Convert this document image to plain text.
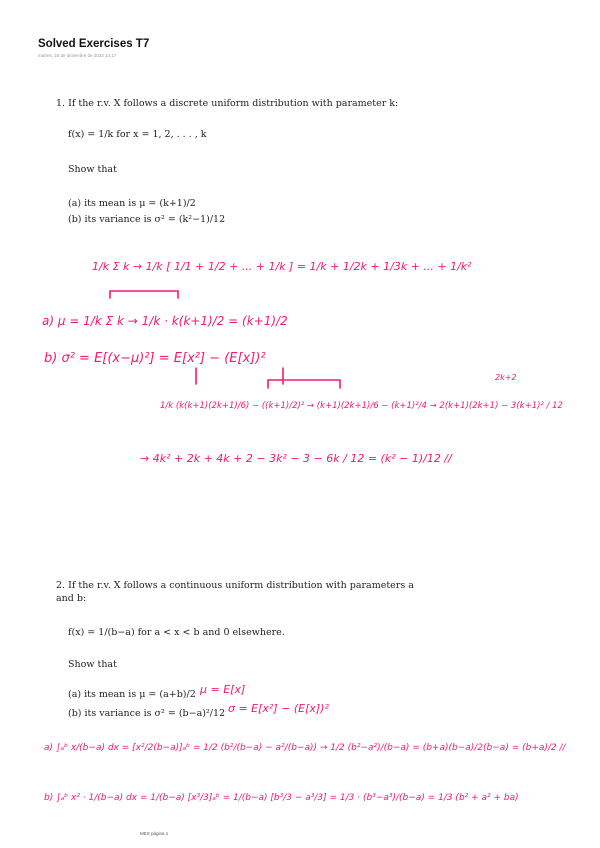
Solved Exercises T7
martes, 26 de diciembre de 2023 14:17
1. If the r.v. X follows a discrete uniform distribution with parameter k:
f(x) = 1/k for x = 1, 2, . . . , k
Show that
(a) its mean is μ = (k+1)/2
(b) its variance is σ² = (k²−1)/12
2. If the r.v. X follows a continuous uniform distribution with parameters a and b:
f(x) = 1/(b−a) for a < x < b and 0 elsewhere.
Show that
(a) its mean is μ = (a+b)/2
(b) its variance is σ² = (b−a)²/12
1/k Σ k → 1/k [ 1/1 + 1/2 + ... + 1/k ] = 1/k + 1/2k + 1/3k + ... + 1/k²
a) μ = 1/k Σ k → 1/k · k(k+1)/2 = (k+1)/2
b) σ² = E[(x−μ)²] = E[x²] − (E[x])²
2k+2
1/k (k(k+1)(2k+1)/6) − ((k+1)/2)² → (k+1)(2k+1)/6 − (k+1)²/4 → 2(k+1)(2k+1) − 3(k+1)² / 12
→ 4k² + 2k + 4k + 2 − 3k² − 3 − 6k / 12 = (k² − 1)/12 //
μ = E[x]
σ = E[x²] − (E[x])²
a) ∫ₐᵇ x/(b−a) dx = [x²/2(b−a)]ₐᵇ = 1/2 (b²/(b−a) − a²/(b−a)) → 1/2 (b²−a²)/(b−a) = (b+a)(b−a)/2(b−a) = (b+a)/2 //
b) ∫ₐᵇ x² · 1/(b−a) dx = 1/(b−a) [x³/3]ₐᵇ = 1/(b−a) [b³/3 − a³/3] = 1/3 · (b³−a³)/(b−a) = 1/3 (b² + a² + ba)
MES página 1
